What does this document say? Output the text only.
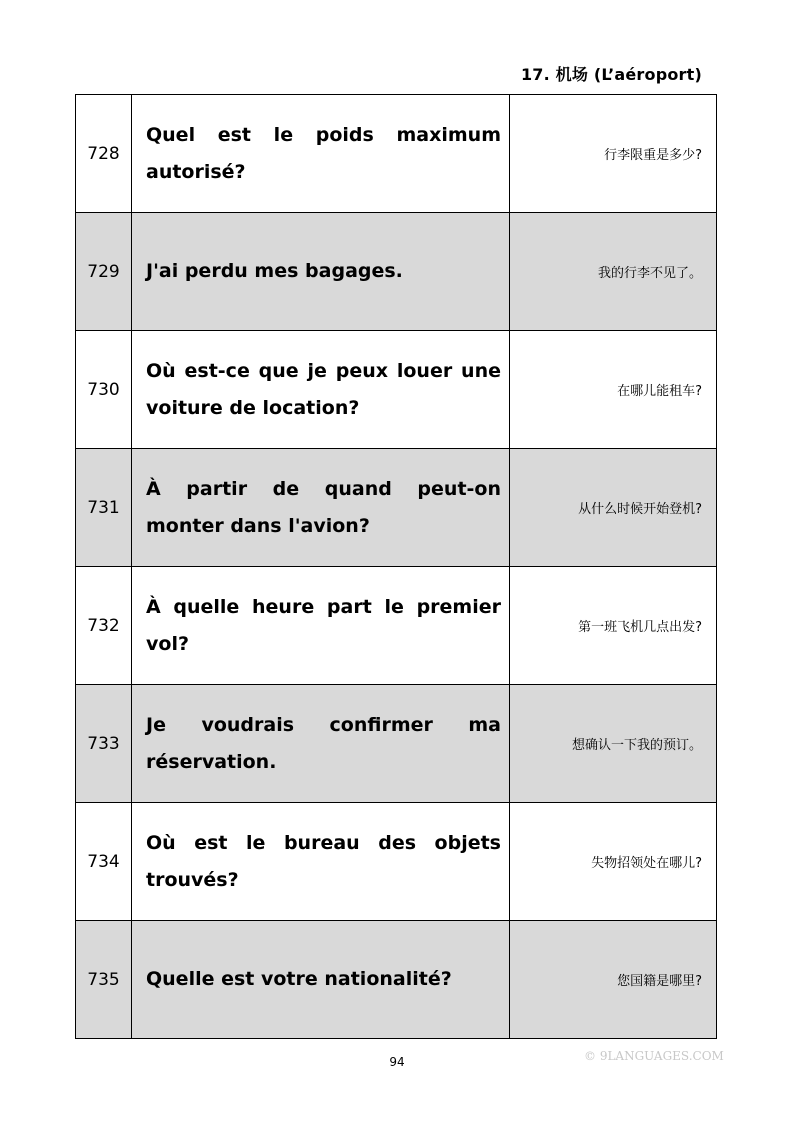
17. 机场 (L’aéroport)
728	Quel est le poids maximum autorisé?	行李限重是多少?
729	J'ai perdu mes bagages.	我的行李不见了。
730	Où est-ce que je peux louer une voiture de location?	在哪儿能租车?
731	À partir de quand peut-on monter dans l'avion?	从什么时候开始登机?
732	À quelle heure part le premier vol?	第一班飞机几点出发?
733	Je voudrais confirmer ma réservation.	想确认一下我的预订。
734	Où est le bureau des objets trouvés?	失物招领处在哪儿?
735	Quelle est votre nationalité?	您国籍是哪里?
© 9LANGUAGES.COM
94
